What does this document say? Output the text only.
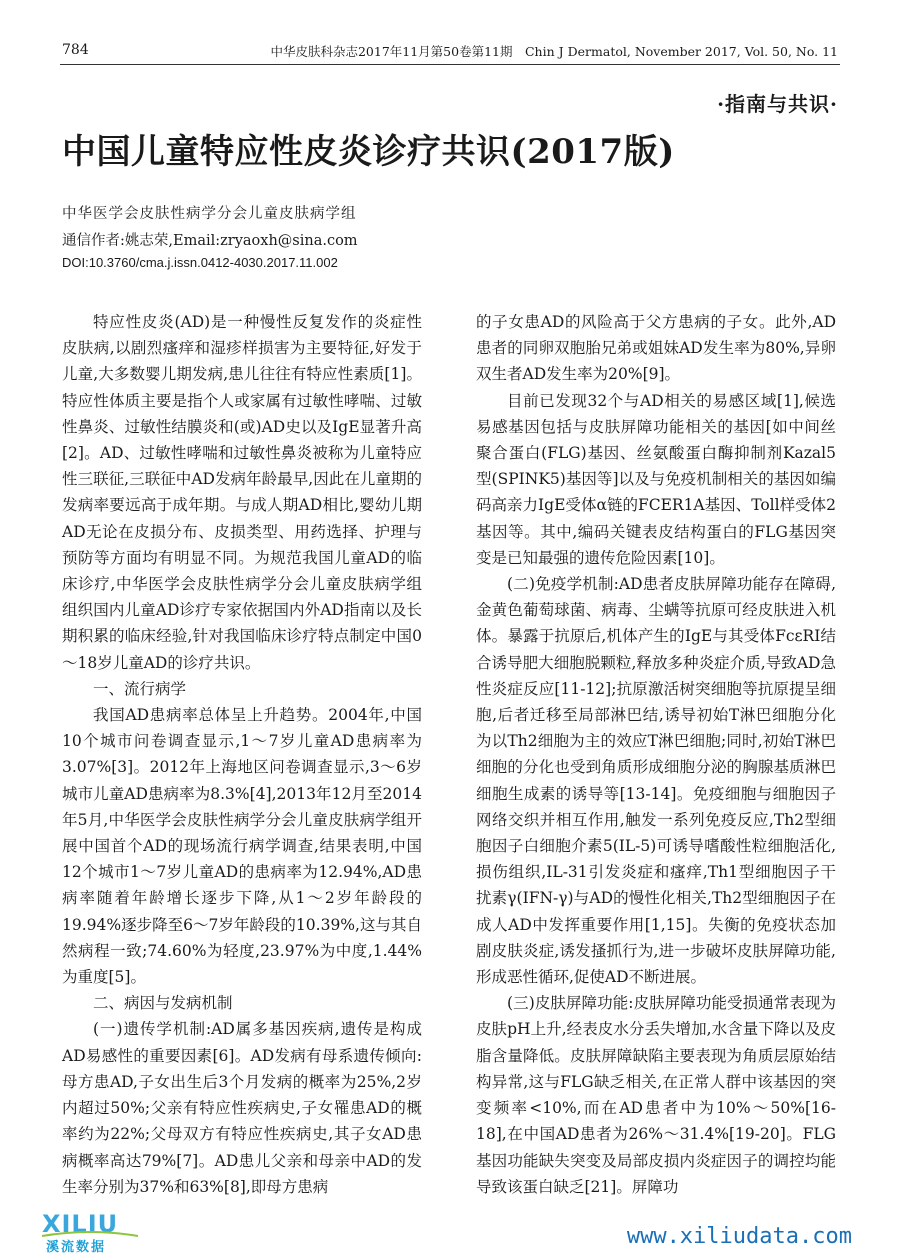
784	中华皮肤科杂志2017年11月第50卷第11期　Chin J Dermatol, November 2017, Vol. 50, No. 11
·指南与共识·
中国儿童特应性皮炎诊疗共识(2017版)
中华医学会皮肤性病学分会儿童皮肤病学组
通信作者:姚志荣,Email:zryaoxh@sina.com
DOI:10.3760/cma.j.issn.0412-4030.2017.11.002

特应性皮炎(AD)是一种慢性反复发作的炎症性皮肤病,以剧烈瘙痒和湿疹样损害为主要特征,好发于儿童,大多数婴儿期发病,患儿往往有特应性素质[1]。特应性体质主要是指个人或家属有过敏性哮喘、过敏性鼻炎、过敏性结膜炎和(或)AD史以及IgE显著升高[2]。AD、过敏性哮喘和过敏性鼻炎被称为儿童特应性三联征,三联征中AD发病年龄最早,因此在儿童期的发病率要远高于成年期。与成人期AD相比,婴幼儿期AD无论在皮损分布、皮损类型、用药选择、护理与预防等方面均有明显不同。为规范我国儿童AD的临床诊疗,中华医学会皮肤性病学分会儿童皮肤病学组组织国内儿童AD诊疗专家依据国内外AD指南以及长期积累的临床经验,针对我国临床诊疗特点制定中国0～18岁儿童AD的诊疗共识。

一、流行病学

我国AD患病率总体呈上升趋势。2004年,中国10个城市问卷调查显示,1～7岁儿童AD患病率为3.07%[3]。2012年上海地区问卷调查显示,3～6岁城市儿童AD患病率为8.3%[4],2013年12月至2014年5月,中华医学会皮肤性病学分会儿童皮肤病学组开展中国首个AD的现场流行病学调查,结果表明,中国12个城市1～7岁儿童AD的患病率为12.94%,AD患病率随着年龄增长逐步下降,从1～2岁年龄段的19.94%逐步降至6～7岁年龄段的10.39%,这与其自然病程一致;74.60%为轻度,23.97%为中度,1.44%为重度[5]。

二、病因与发病机制

(一)遗传学机制:AD属多基因疾病,遗传是构成AD易感性的重要因素[6]。AD发病有母系遗传倾向:母方患AD,子女出生后3个月发病的概率为25%,2岁内超过50%;父亲有特应性疾病史,子女罹患AD的概率约为22%;父母双方有特应性疾病史,其子女AD患病概率高达79%[7]。AD患儿父亲和母亲中AD的发生率分别为37%和63%[8],即母方患病

的子女患AD的风险高于父方患病的子女。此外,AD患者的同卵双胞胎兄弟或姐妹AD发生率为80%,异卵双生者AD发生率为20%[9]。

目前已发现32个与AD相关的易感区域[1],候选易感基因包括与皮肤屏障功能相关的基因[如中间丝聚合蛋白(FLG)基因、丝氨酸蛋白酶抑制剂Kazal5型(SPINK5)基因等]以及与免疫机制相关的基因如编码高亲力IgE受体α链的FCER1A基因、Toll样受体2基因等。其中,编码关键表皮结构蛋白的FLG基因突变是已知最强的遗传危险因素[10]。

(二)免疫学机制:AD患者皮肤屏障功能存在障碍,金黄色葡萄球菌、病毒、尘螨等抗原可经皮肤进入机体。暴露于抗原后,机体产生的IgE与其受体FcεRI结合诱导肥大细胞脱颗粒,释放多种炎症介质,导致AD急性炎症反应[11-12];抗原激活树突细胞等抗原提呈细胞,后者迁移至局部淋巴结,诱导初始T淋巴细胞分化为以Th2细胞为主的效应T淋巴细胞;同时,初始T淋巴细胞的分化也受到角质形成细胞分泌的胸腺基质淋巴细胞生成素的诱导等[13-14]。免疫细胞与细胞因子网络交织并相互作用,触发一系列免疫反应,Th2型细胞因子白细胞介素5(IL-5)可诱导嗜酸性粒细胞活化,损伤组织,IL-31引发炎症和瘙痒,Th1型细胞因子干扰素γ(IFN-γ)与AD的慢性化相关,Th2型细胞因子在成人AD中发挥重要作用[1,15]。失衡的免疫状态加剧皮肤炎症,诱发搔抓行为,进一步破坏皮肤屏障功能,形成恶性循环,促使AD不断进展。

(三)皮肤屏障功能:皮肤屏障功能受损通常表现为皮肤pH上升,经表皮水分丢失增加,水含量下降以及皮脂含量降低。皮肤屏障缺陷主要表现为角质层原始结构异常,这与FLG缺乏相关,在正常人群中该基因的突变频率<10%,而在AD患者中为10%～50%[16-18],在中国AD患者为26%～31.4%[19-20]。FLG基因功能缺失突变及局部皮损内炎症因子的调控均能导致该蛋白缺乏[21]。屏障功

XILIU
溪流数据	www.xiliudata.com
